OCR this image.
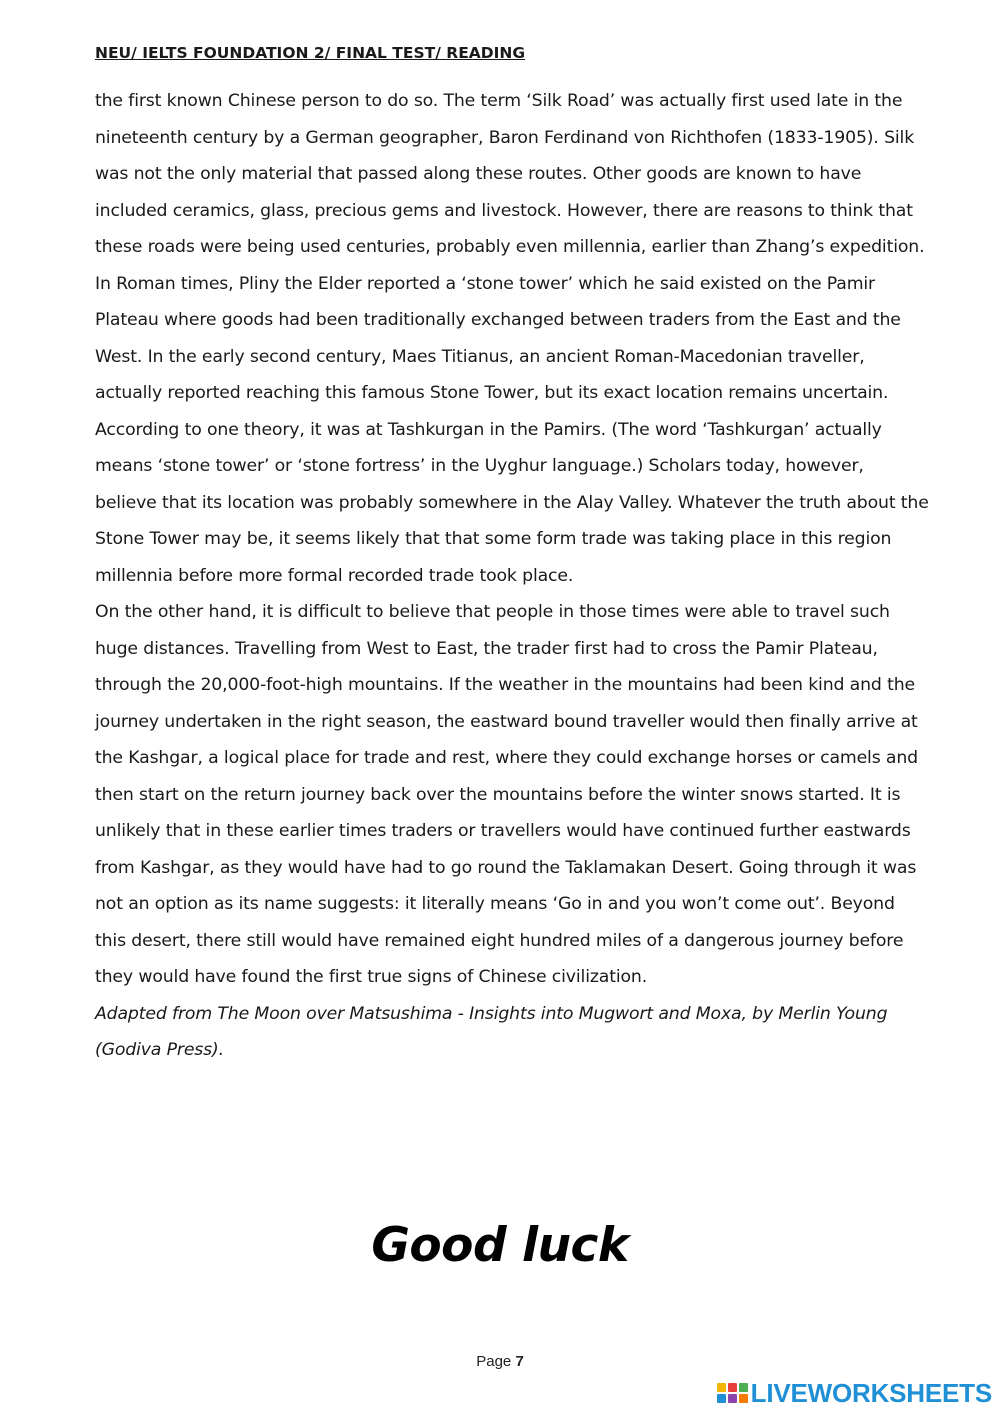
NEU/ IELTS FOUNDATION 2/ FINAL TEST/ READING

the first known Chinese person to do so. The term ‘Silk Road’ was actually first used late in the nineteenth century by a German geographer, Baron Ferdinand von Richthofen (1833-1905). Silk was not the only material that passed along these routes. Other goods are known to have included ceramics, glass, precious gems and livestock. However, there are reasons to think that these roads were being used centuries, probably even millennia, earlier than Zhang’s expedition. In Roman times, Pliny the Elder reported a ‘stone tower’ which he said existed on the Pamir Plateau where goods had been traditionally exchanged between traders from the East and the West. In the early second century, Maes Titianus, an ancient Roman-Macedonian traveller, actually reported reaching this famous Stone Tower, but its exact location remains uncertain. According to one theory, it was at Tashkurgan in the Pamirs. (The word ‘Tashkurgan’ actually means ‘stone tower’ or ‘stone fortress’ in the Uyghur language.) Scholars today, however, believe that its location was probably somewhere in the Alay Valley. Whatever the truth about the Stone Tower may be, it seems likely that that some form trade was taking place in this region millennia before more formal recorded trade took place.

On the other hand, it is difficult to believe that people in those times were able to travel such huge distances. Travelling from West to East, the trader first had to cross the Pamir Plateau, through the 20,000-foot-high mountains. If the weather in the mountains had been kind and the journey undertaken in the right season, the eastward bound traveller would then finally arrive at the Kashgar, a logical place for trade and rest, where they could exchange horses or camels and then start on the return journey back over the mountains before the winter snows started. It is unlikely that in these earlier times traders or travellers would have continued further eastwards from Kashgar, as they would have had to go round the Taklamakan Desert. Going through it was not an option as its name suggests: it literally means ‘Go in and you won’t come out’. Beyond this desert, there still would have remained eight hundred miles of a dangerous journey before they would have found the first true signs of Chinese civilization.

Adapted from The Moon over Matsushima - Insights into Mugwort and Moxa, by Merlin Young (Godiva Press).

Good luck
Page 7
LIVEWORKSHEETS
